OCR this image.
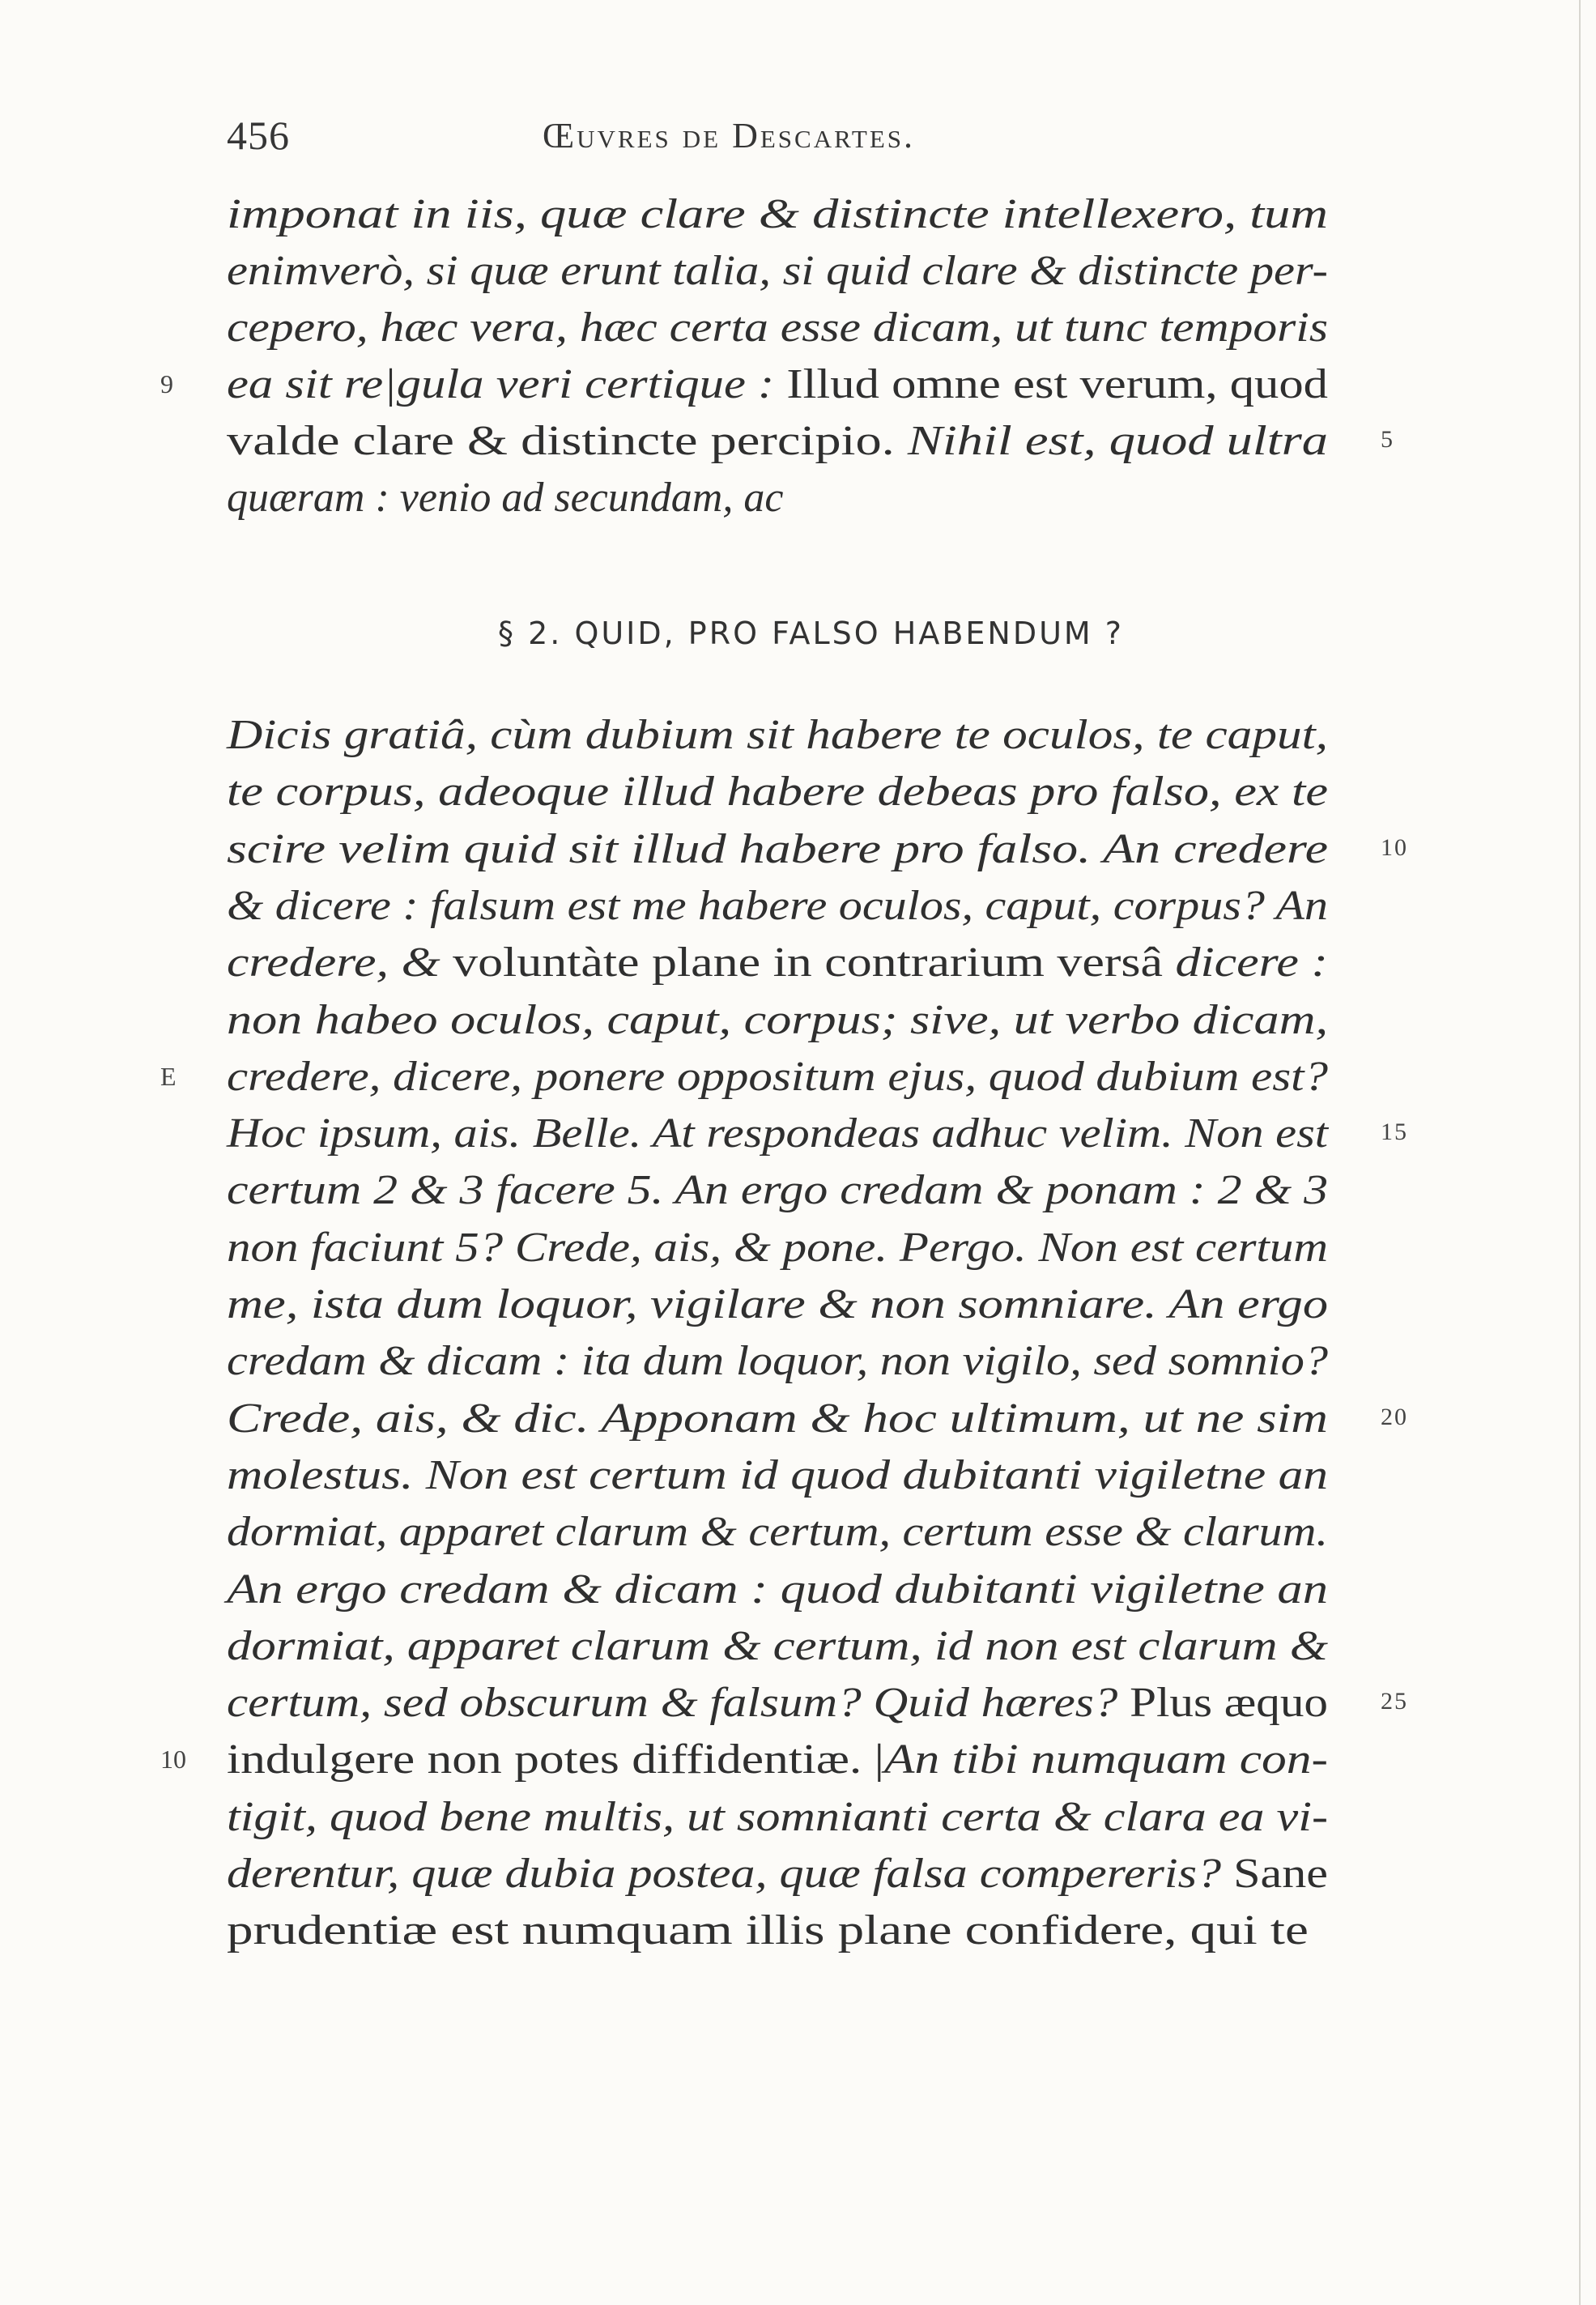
456	Œuvres de Descartes.
imponat in iis, quæ clare & distincte intellexero, tum
enimverò, si quæ erunt talia, si quid clare & distincte per-
cepero, hæc vera, hæc certa esse dicam, ut tunc temporis
ea sit re|gula veri certique : Illud omne est verum, quod
valde clare & distincte percipio. Nihil est, quod ultra
quæram : venio ad secundam, ac
§ 2. QUID, PRO FALSO HABENDUM ?
Dicis gratiâ, cùm dubium sit habere te oculos, te caput,
te corpus, adeoque illud habere debeas pro falso, ex te
scire velim quid sit illud habere pro falso. An credere
& dicere : falsum est me habere oculos, caput, corpus? An
credere, & voluntàte plane in contrarium versâ dicere :
non habeo oculos, caput, corpus; sive, ut verbo dicam,
credere, dicere, ponere oppositum ejus, quod dubium est?
Hoc ipsum, ais. Belle. At respondeas adhuc velim. Non est
certum 2 & 3 facere 5. An ergo credam & ponam : 2 & 3
non faciunt 5? Crede, ais, & pone. Pergo. Non est certum
me, ista dum loquor, vigilare & non somniare. An ergo
credam & dicam : ita dum loquor, non vigilo, sed somnio?
Crede, ais, & dic. Apponam & hoc ultimum, ut ne sim
molestus. Non est certum id quod dubitanti vigiletne an
dormiat, apparet clarum & certum, certum esse & clarum.
An ergo credam & dicam : quod dubitanti vigiletne an
dormiat, apparet clarum & certum, id non est clarum &
certum, sed obscurum & falsum? Quid hæres? Plus æquo
indulgere non potes diffidentiæ. |An tibi numquam con-
tigit, quod bene multis, ut somnianti certa & clara ea vi-
derentur, quæ dubia postea, quæ falsa compereris? Sane
prudentiæ est numquam illis plane confidere, qui te
9
E
10
5
10
15
20
25
